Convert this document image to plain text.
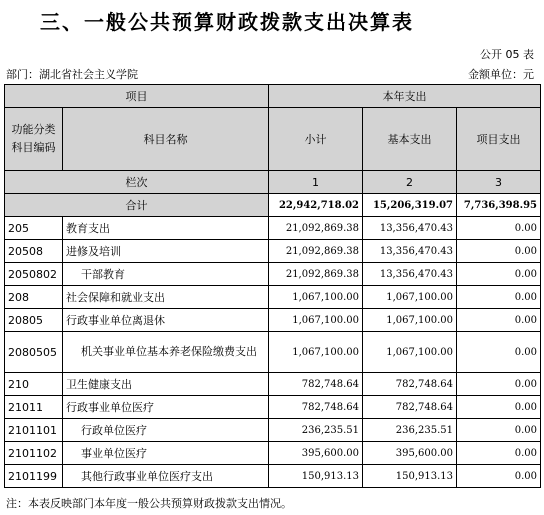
三、一般公共预算财政拨款支出决算表
公开 05 表
部门：湖北省社会主义学院	金额单位：元
项目		本年支出		
功能分类科目编码	科目名称	小计	基本支出	项目支出
栏次		1	2	3
合计		22,942,718.02	15,206,319.07	7,736,398.95
205	教育支出	21,092,869.38	13,356,470.43	0.00
20508	进修及培训	21,092,869.38	13,356,470.43	0.00
2050802	干部教育	21,092,869.38	13,356,470.43	0.00
208	社会保障和就业支出	1,067,100.00	1,067,100.00	0.00
20805	行政事业单位离退休	1,067,100.00	1,067,100.00	0.00
2080505	机关事业单位基本养老保险缴费支出	1,067,100.00	1,067,100.00	0.00
210	卫生健康支出	782,748.64	782,748.64	0.00
21011	行政事业单位医疗	782,748.64	782,748.64	0.00
2101101	行政单位医疗	236,235.51	236,235.51	0.00
2101102	事业单位医疗	395,600.00	395,600.00	0.00
2101199	其他行政事业单位医疗支出	150,913.13	150,913.13	0.00
注：本表反映部门本年度一般公共预算财政拨款支出情况。
